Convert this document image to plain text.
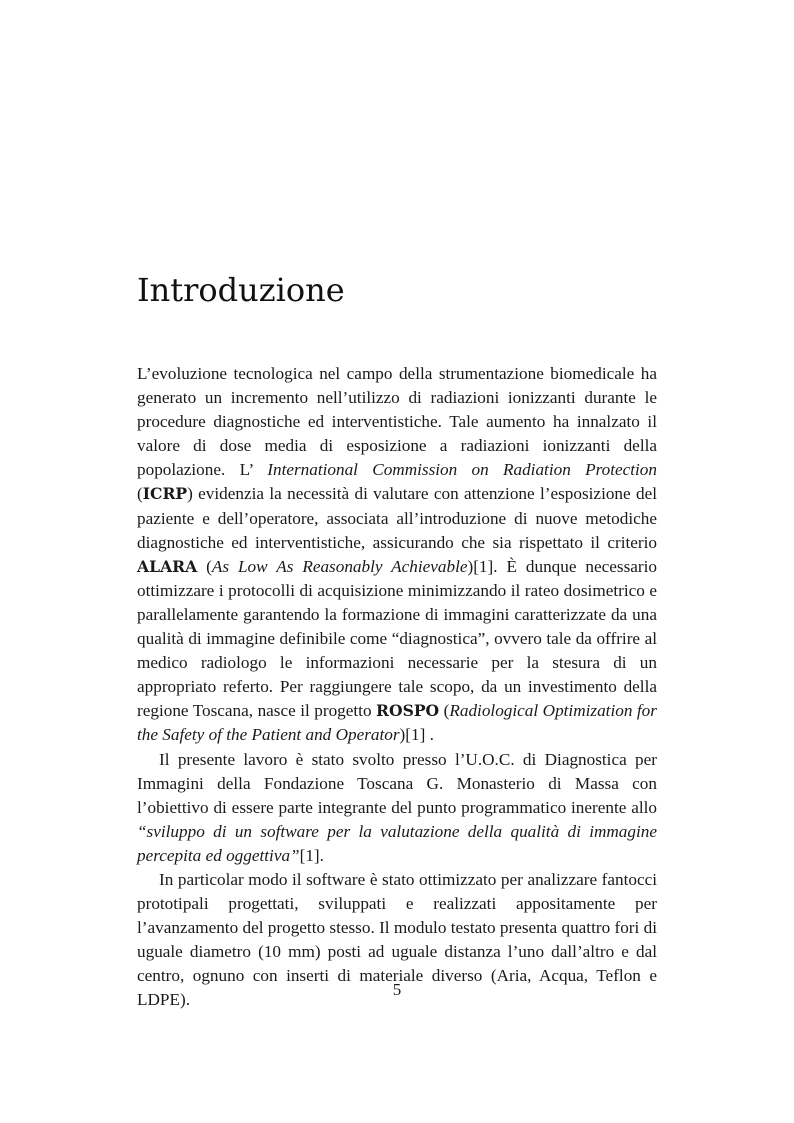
Introduzione

L’evoluzione tecnologica nel campo della strumentazione biomedicale ha generato un incremento nell’utilizzo di radiazioni ionizzanti durante le procedure diagnostiche ed interventistiche. Tale aumento ha innalzato il valore di dose media di esposizione a radiazioni ionizzanti della popolazione. L’ International Commission on Radiation Protection (ICRP) evidenzia la necessità di valutare con attenzione l’esposizione del paziente e dell’operatore, associata all’introduzione di nuove metodiche diagnostiche ed interventistiche, assicurando che sia rispettato il criterio ALARA (As Low As Reasonably Achievable)[1]. È dunque necessario ottimizzare i protocolli di acquisizione minimizzando il rateo dosimetrico e parallelamente garantendo la formazione di immagini caratterizzate da una qualità di immagine definibile come “diagnostica”, ovvero tale da offrire al medico radiologo le informazioni necessarie per la stesura di un appropriato referto. Per raggiungere tale scopo, da un investimento della regione Toscana, nasce il progetto ROSPO (Radiological Optimization for the Safety of the Patient and Operator)[1] .

Il presente lavoro è stato svolto presso l’U.O.C. di Diagnostica per Immagini della Fondazione Toscana G. Monasterio di Massa con l’obiettivo di essere parte integrante del punto programmatico inerente allo “sviluppo di un software per la valutazione della qualità di immagine percepita ed oggettiva”[1].

In particolar modo il software è stato ottimizzato per analizzare fantocci prototipali progettati, sviluppati e realizzati appositamente per l’avanzamento del progetto stesso. Il modulo testato presenta quattro fori di uguale diametro (10 mm) posti ad uguale distanza l’uno dall’altro e dal centro, ognuno con inserti di materiale diverso (Aria, Acqua, Teflon e LDPE).

5
